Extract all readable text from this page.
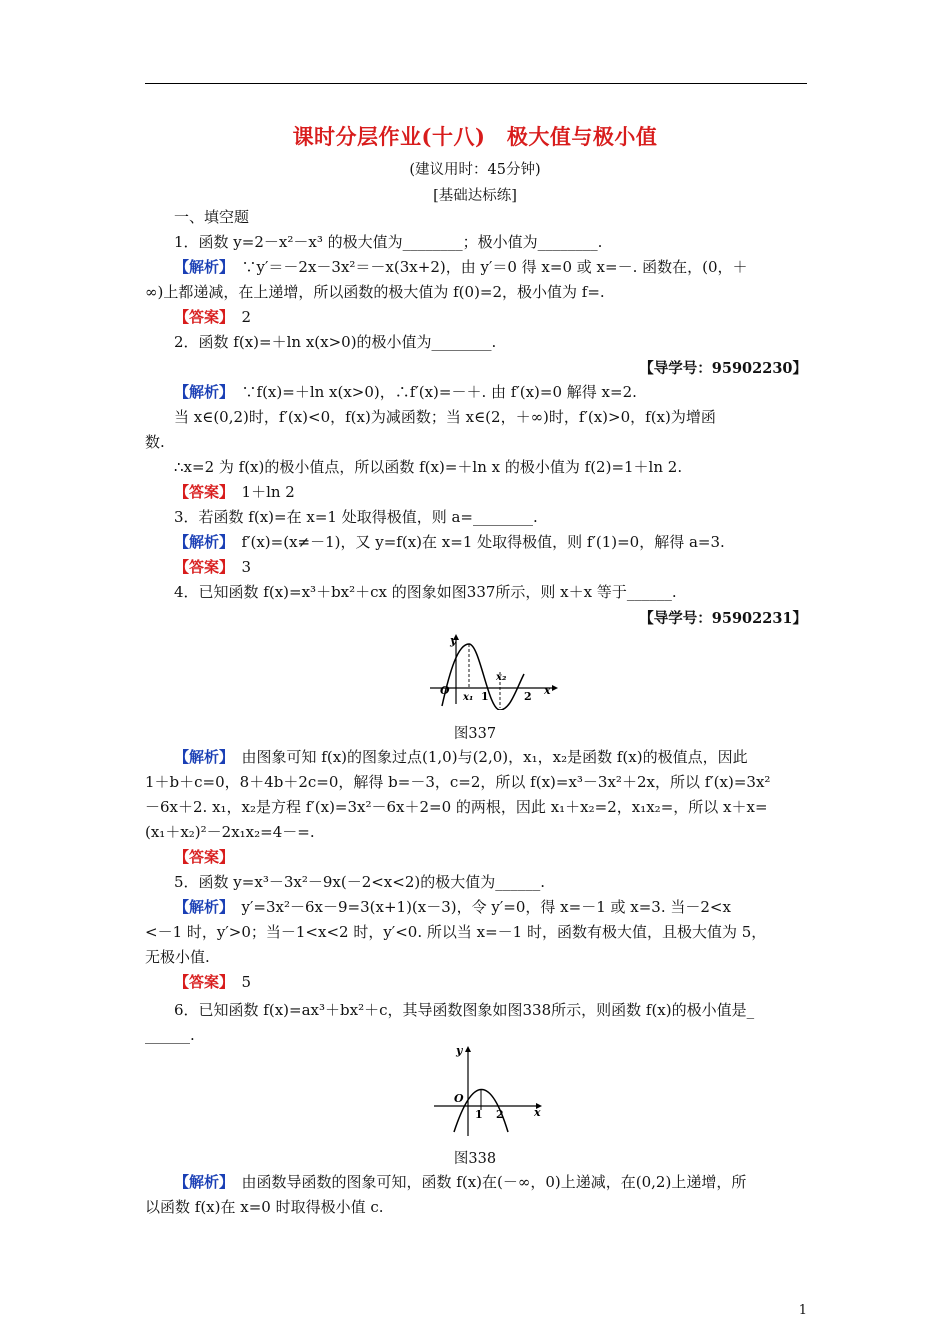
课时分层作业(十八)　极大值与极小值
(建议用时：45分钟)
[基础达标练]
一、填空题
1．函数 y=2－x²－x³ 的极大值为________；极小值为________.
【解析】　 ∵y′＝－2x－3x²＝－x(3x+2)，由 y′＝0 得 x=0 或 x=－. 函数在，(0，＋
∞)上都递减，在上递增，所以函数的极大值为 f(0)=2，极小值为 f=.
【答案】　 2
2．函数 f(x)=＋ln x(x>0)的极小值为________.
【导学号：95902230】
【解析】　 ∵f(x)=＋ln x(x>0)，∴f′(x)=－＋. 由 f′(x)=0 解得 x=2.
当 x∈(0,2)时，f′(x)<0，f(x)为减函数；当 x∈(2，＋∞)时，f′(x)>0，f(x)为增函
数.
∴x=2 为 f(x)的极小值点，所以函数 f(x)=＋ln x 的极小值为 f(2)=1＋ln 2.
【答案】　 1＋ln 2
3．若函数 f(x)=在 x=1 处取得极值，则 a=________.
【解析】　 f′(x)=(x≠－1)，又 y=f(x)在 x=1 处取得极值，则 f′(1)=0，解得 a=3.
【答案】　 3
4．已知函数 f(x)=x³＋bx²＋cx 的图象如图337所示，则 x＋x 等于______.
【导学号：95902231】
y
O
x₁ 1
x₂
2 x
图337
【解析】　 由图象可知 f(x)的图象过点(1,0)与(2,0)，x₁，x₂是函数 f(x)的极值点，因此
1＋b＋c=0，8＋4b＋2c=0，解得 b=－3，c=2，所以 f(x)=x³－3x²＋2x，所以 f′(x)=3x²
－6x＋2. x₁，x₂是方程 f′(x)=3x²－6x＋2=0 的两根，因此 x₁＋x₂=2，x₁x₂=，所以 x＋x=
(x₁＋x₂)²－2x₁x₂=4－=.
【答案】
5．函数 y=x³－3x²－9x(－2<x<2)的极大值为______.
【解析】　 y′=3x²－6x－9=3(x+1)(x－3)，令 y′=0，得 x=－1 或 x=3. 当－2<x
<－1 时，y′>0；当－1<x<2 时，y′<0. 所以当 x=－1 时，函数有极大值，且极大值为 5，
无极小值.
【答案】　 5
6．已知函数 f(x)=ax³＋bx²＋c，其导函数图象如图338所示，则函数 f(x)的极小值是_
______.
y
O
1 2	x
图338
【解析】　 由函数导函数的图象可知，函数 f(x)在(－∞，0)上递减，在(0,2)上递增，所
以函数 f(x)在 x=0 时取得极小值 c.
1
